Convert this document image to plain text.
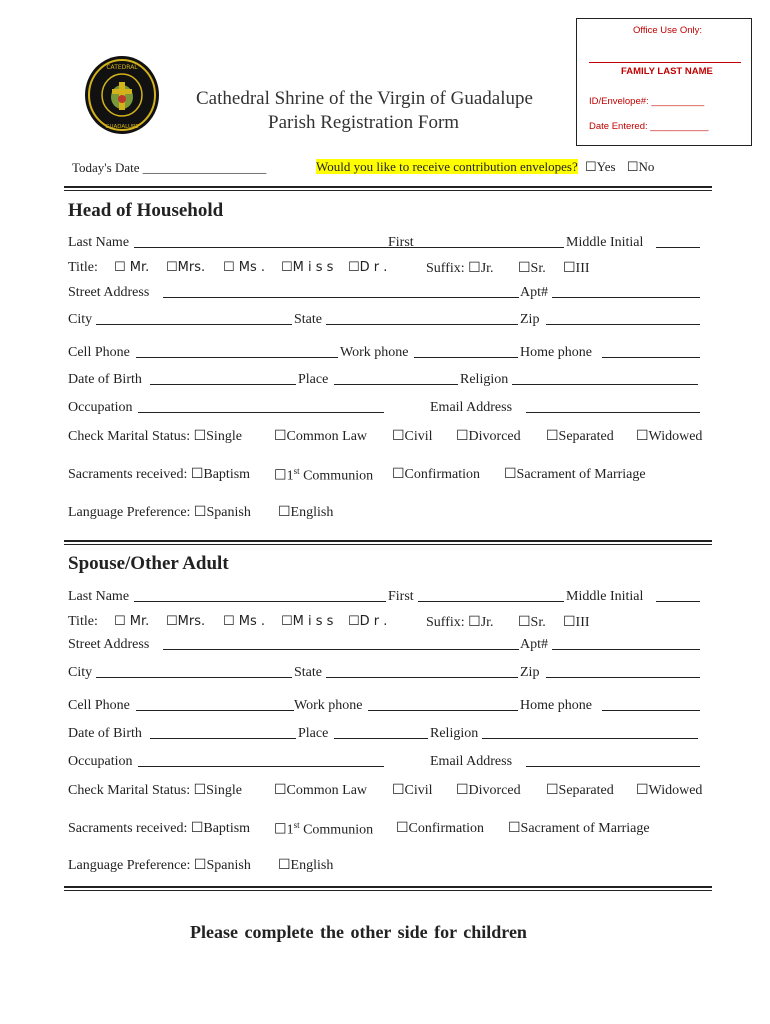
CATEDRAL
GUADALUPE
Cathedral Shrine of the Virgin of Guadalupe
Parish Registration Form
Office Use Only:
FAMILY LAST NAME
ID/Envelope#: __________
Date Entered: ___________
Today's Date ___________________	Would you like to receive contribution envelopes? ☐Yes ☐No
Head of Household
Last Name	First	Middle Initial
Title: ☐ Mr. ☐Mrs. ☐ Ms . ☐M i s s ☐D r .	Suffix: ☐Jr. ☐Sr. ☐III
Street Address	Apt#
City	State	Zip
Cell Phone	Work phone	Home phone
Date of Birth	Place	Religion
Occupation	Email Address
Check Marital Status: ☐Single ☐Common Law ☐Civil ☐Divorced ☐Separated ☐Widowed
Sacraments received: ☐Baptism ☐1st Communion ☐Confirmation ☐Sacrament of Marriage
Language Preference: ☐Spanish ☐English
Spouse/Other Adult
Last Name	First	Middle Initial
Title: ☐ Mr. ☐Mrs. ☐ Ms . ☐M i s s ☐D r .	Suffix: ☐Jr. ☐Sr. ☐III
Street Address	Apt#
City	State	Zip
Cell Phone	Work phone	Home phone
Date of Birth	Place	Religion
Occupation	Email Address
Check Marital Status: ☐Single ☐Common Law ☐Civil ☐Divorced ☐Separated ☐Widowed
Sacraments received: ☐Baptism ☐1st Communion ☐Confirmation ☐Sacrament of Marriage
Language Preference: ☐Spanish ☐English
Please complete the other side for children
